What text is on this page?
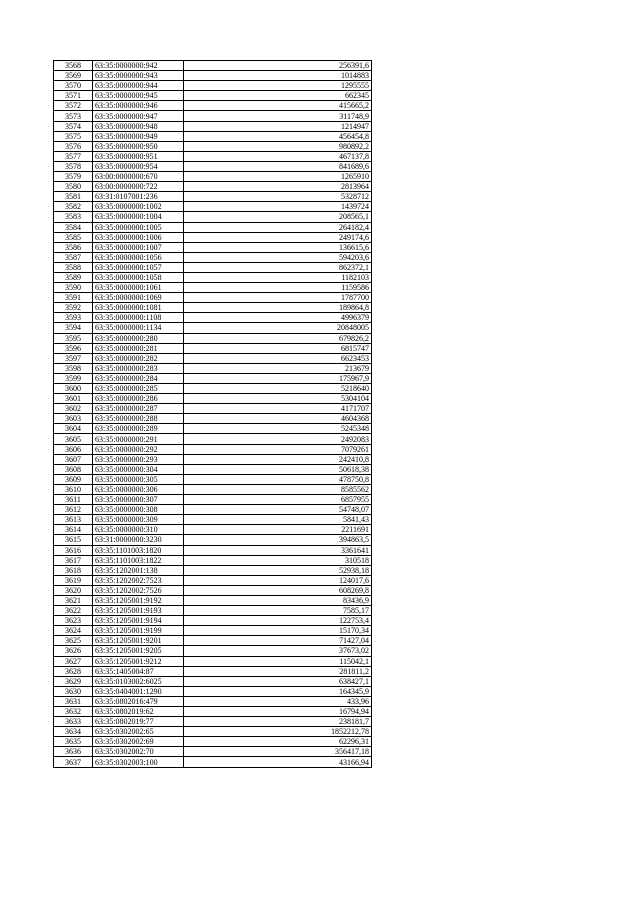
3568	63:35:0000000:942	256391,6
3569	63:35:0000000:943	1014883
3570	63:35:0000000:944	1295555
3571	63:35:0000000:945	662345
3572	63:35:0000000:946	415665,2
3573	63:35:0000000:947	311748,9
3574	63:35:0000000:948	1214947
3575	63:35:0000000:949	456454,8
3576	63:35:0000000:950	980892,2
3577	63:35:0000000:951	467137,8
3578	63:35:0000000:954	841689,6
3579	63:00:0000000:670	1265910
3580	63:00:0000000:722	2813964
3581	63:31:0107001:236	5328712
3582	63:35:0000000:1002	1439724
3583	63:35:0000000:1004	208565,1
3584	63:35:0000000:1005	264182,4
3585	63:35:0000000:1006	249174,6
3586	63:35:0000000:1007	136615,6
3587	63:35:0000000:1056	594203,6
3588	63:35:0000000:1057	862372,1
3589	63:35:0000000:1058	1182103
3590	63:35:0000000:1061	1159586
3591	63:35:0000000:1069	1787700
3592	63:35:0000000:1081	189864,8
3593	63:35:0000000:1108	4996379
3594	63:35:0000000:1134	20848005
3595	63:35:0000000:280	679826,2
3596	63:35:0000000:281	6815747
3597	63:35:0000000:282	6623453
3598	63:35:0000000:283	213679
3599	63:35:0000000:284	175967,9
3600	63:35:0000000:285	5218640
3601	63:35:0000000:286	5304104
3602	63:35:0000000:287	4171707
3603	63:35:0000000:288	4604368
3604	63:35:0000000:289	5245348
3605	63:35:0000000:291	2492083
3606	63:35:0000000:292	7079261
3607	63:35:0000000:293	242410,8
3608	63:35:0000000:304	50618,38
3609	63:35:0000000:305	478750,8
3610	63:35:0000000:306	8585562
3611	63:35:0000000:307	6857955
3612	63:35:0000000:308	54748,07
3613	63:35:0000000:309	5841,43
3614	63:35:0000000:310	2211691
3615	63:31:0000000:3230	394863,5
3616	63:35:1101003:1820	3361641
3617	63:35:1101003:1822	310518
3618	63:35:1202001:138	52938,18
3619	63:35:1202002:7523	124017,6
3620	63:35:1202002:7526	608269,8
3621	63:35:1205001:9192	83436,9
3622	63:35:1205001:9193	7585,17
3623	63:35:1205001:9194	122753,4
3624	63:35:1205001:9199	15170,34
3625	63:35:1205001:9201	71427,04
3626	63:35:1205001:9205	37673,02
3627	63:35:1205001:9212	115042,1
3628	63:35:1405004:87	281811,2
3629	63:35:0103002:6025	638427,1
3630	63:35:0404001:1290	164345,9
3631	63:35:0802016:479	433,96
3632	63:35:0802019:62	16794,94
3633	63:35:0802019:77	238181,7
3634	63:35:0302002:65	1852212,78
3635	63:35:0302002:69	62296,31
3636	63:35:0302002:70	356417,18
3637	63:35:0302003:100	43166,94
